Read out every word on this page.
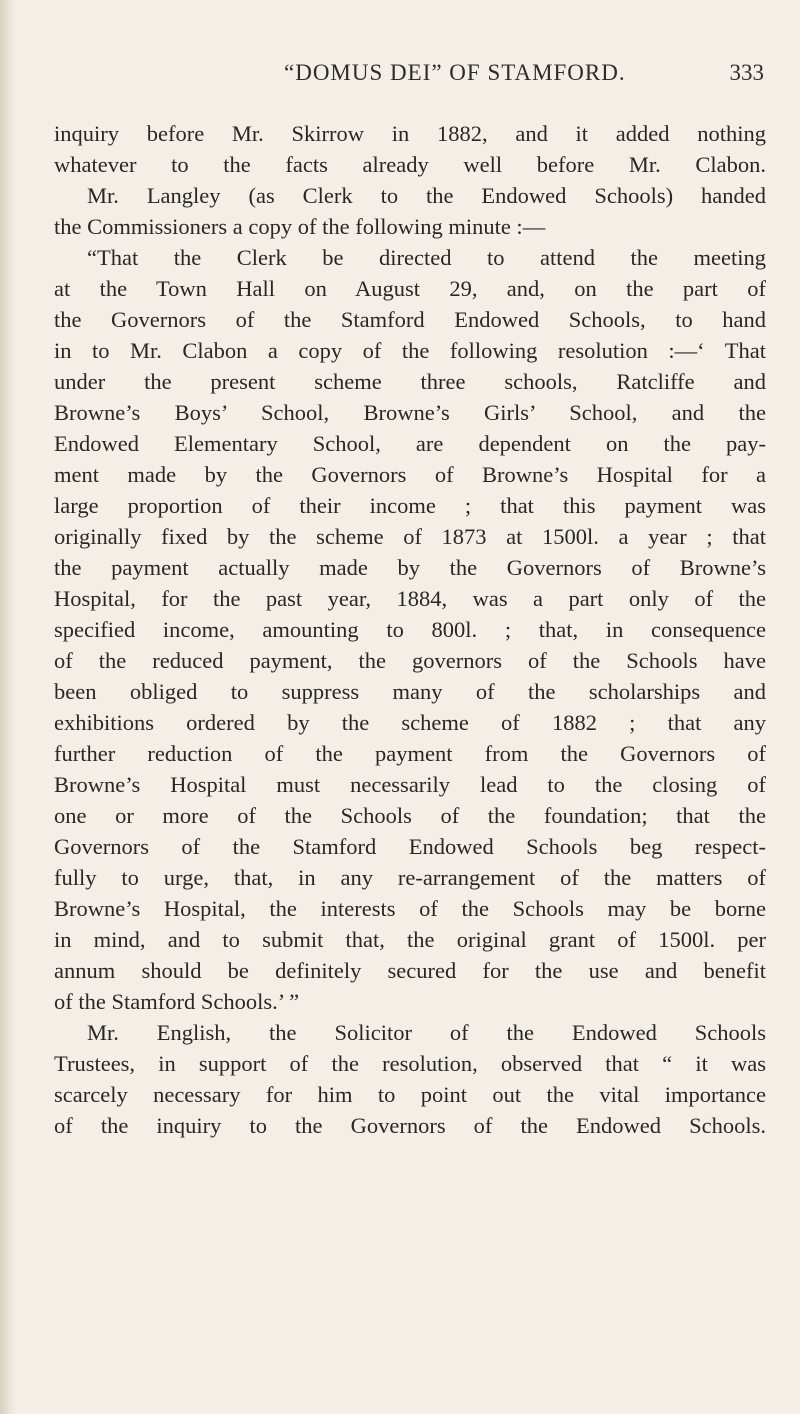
“DOMUS DEI” OF STAMFORD.	333
inquiry before Mr. Skirrow in 1882, and it added nothing
whatever to the facts already well before Mr. Clabon.
Mr. Langley (as Clerk to the Endowed Schools) handed
the Commissioners a copy of the following minute :—
“That the Clerk be directed to attend the meeting
at the Town Hall on August 29, and, on the part of
the Governors of the Stamford Endowed Schools, to hand
in to Mr. Clabon a copy of the following resolution :—‘ That
under the present scheme three schools, Ratcliffe and
Browne’s Boys’ School, Browne’s Girls’ School, and the
Endowed Elementary School, are dependent on the pay-
ment made by the Governors of Browne’s Hospital for a
large proportion of their income ; that this payment was
originally fixed by the scheme of 1873 at 1500l. a year ; that
the payment actually made by the Governors of Browne’s
Hospital, for the past year, 1884, was a part only of the
specified income, amounting to 800l. ; that, in consequence
of the reduced payment, the governors of the Schools have
been obliged to suppress many of the scholarships and
exhibitions ordered by the scheme of 1882 ; that any
further reduction of the payment from the Governors of
Browne’s Hospital must necessarily lead to the closing of
one or more of the Schools of the foundation; that the
Governors of the Stamford Endowed Schools beg respect-
fully to urge, that, in any re-arrangement of the matters of
Browne’s Hospital, the interests of the Schools may be borne
in mind, and to submit that, the original grant of 1500l. per
annum should be definitely secured for the use and benefit
of the Stamford Schools.’ ”
Mr. English, the Solicitor of the Endowed Schools
Trustees, in support of the resolution, observed that “ it was
scarcely necessary for him to point out the vital importance
of the inquiry to the Governors of the Endowed Schools.
